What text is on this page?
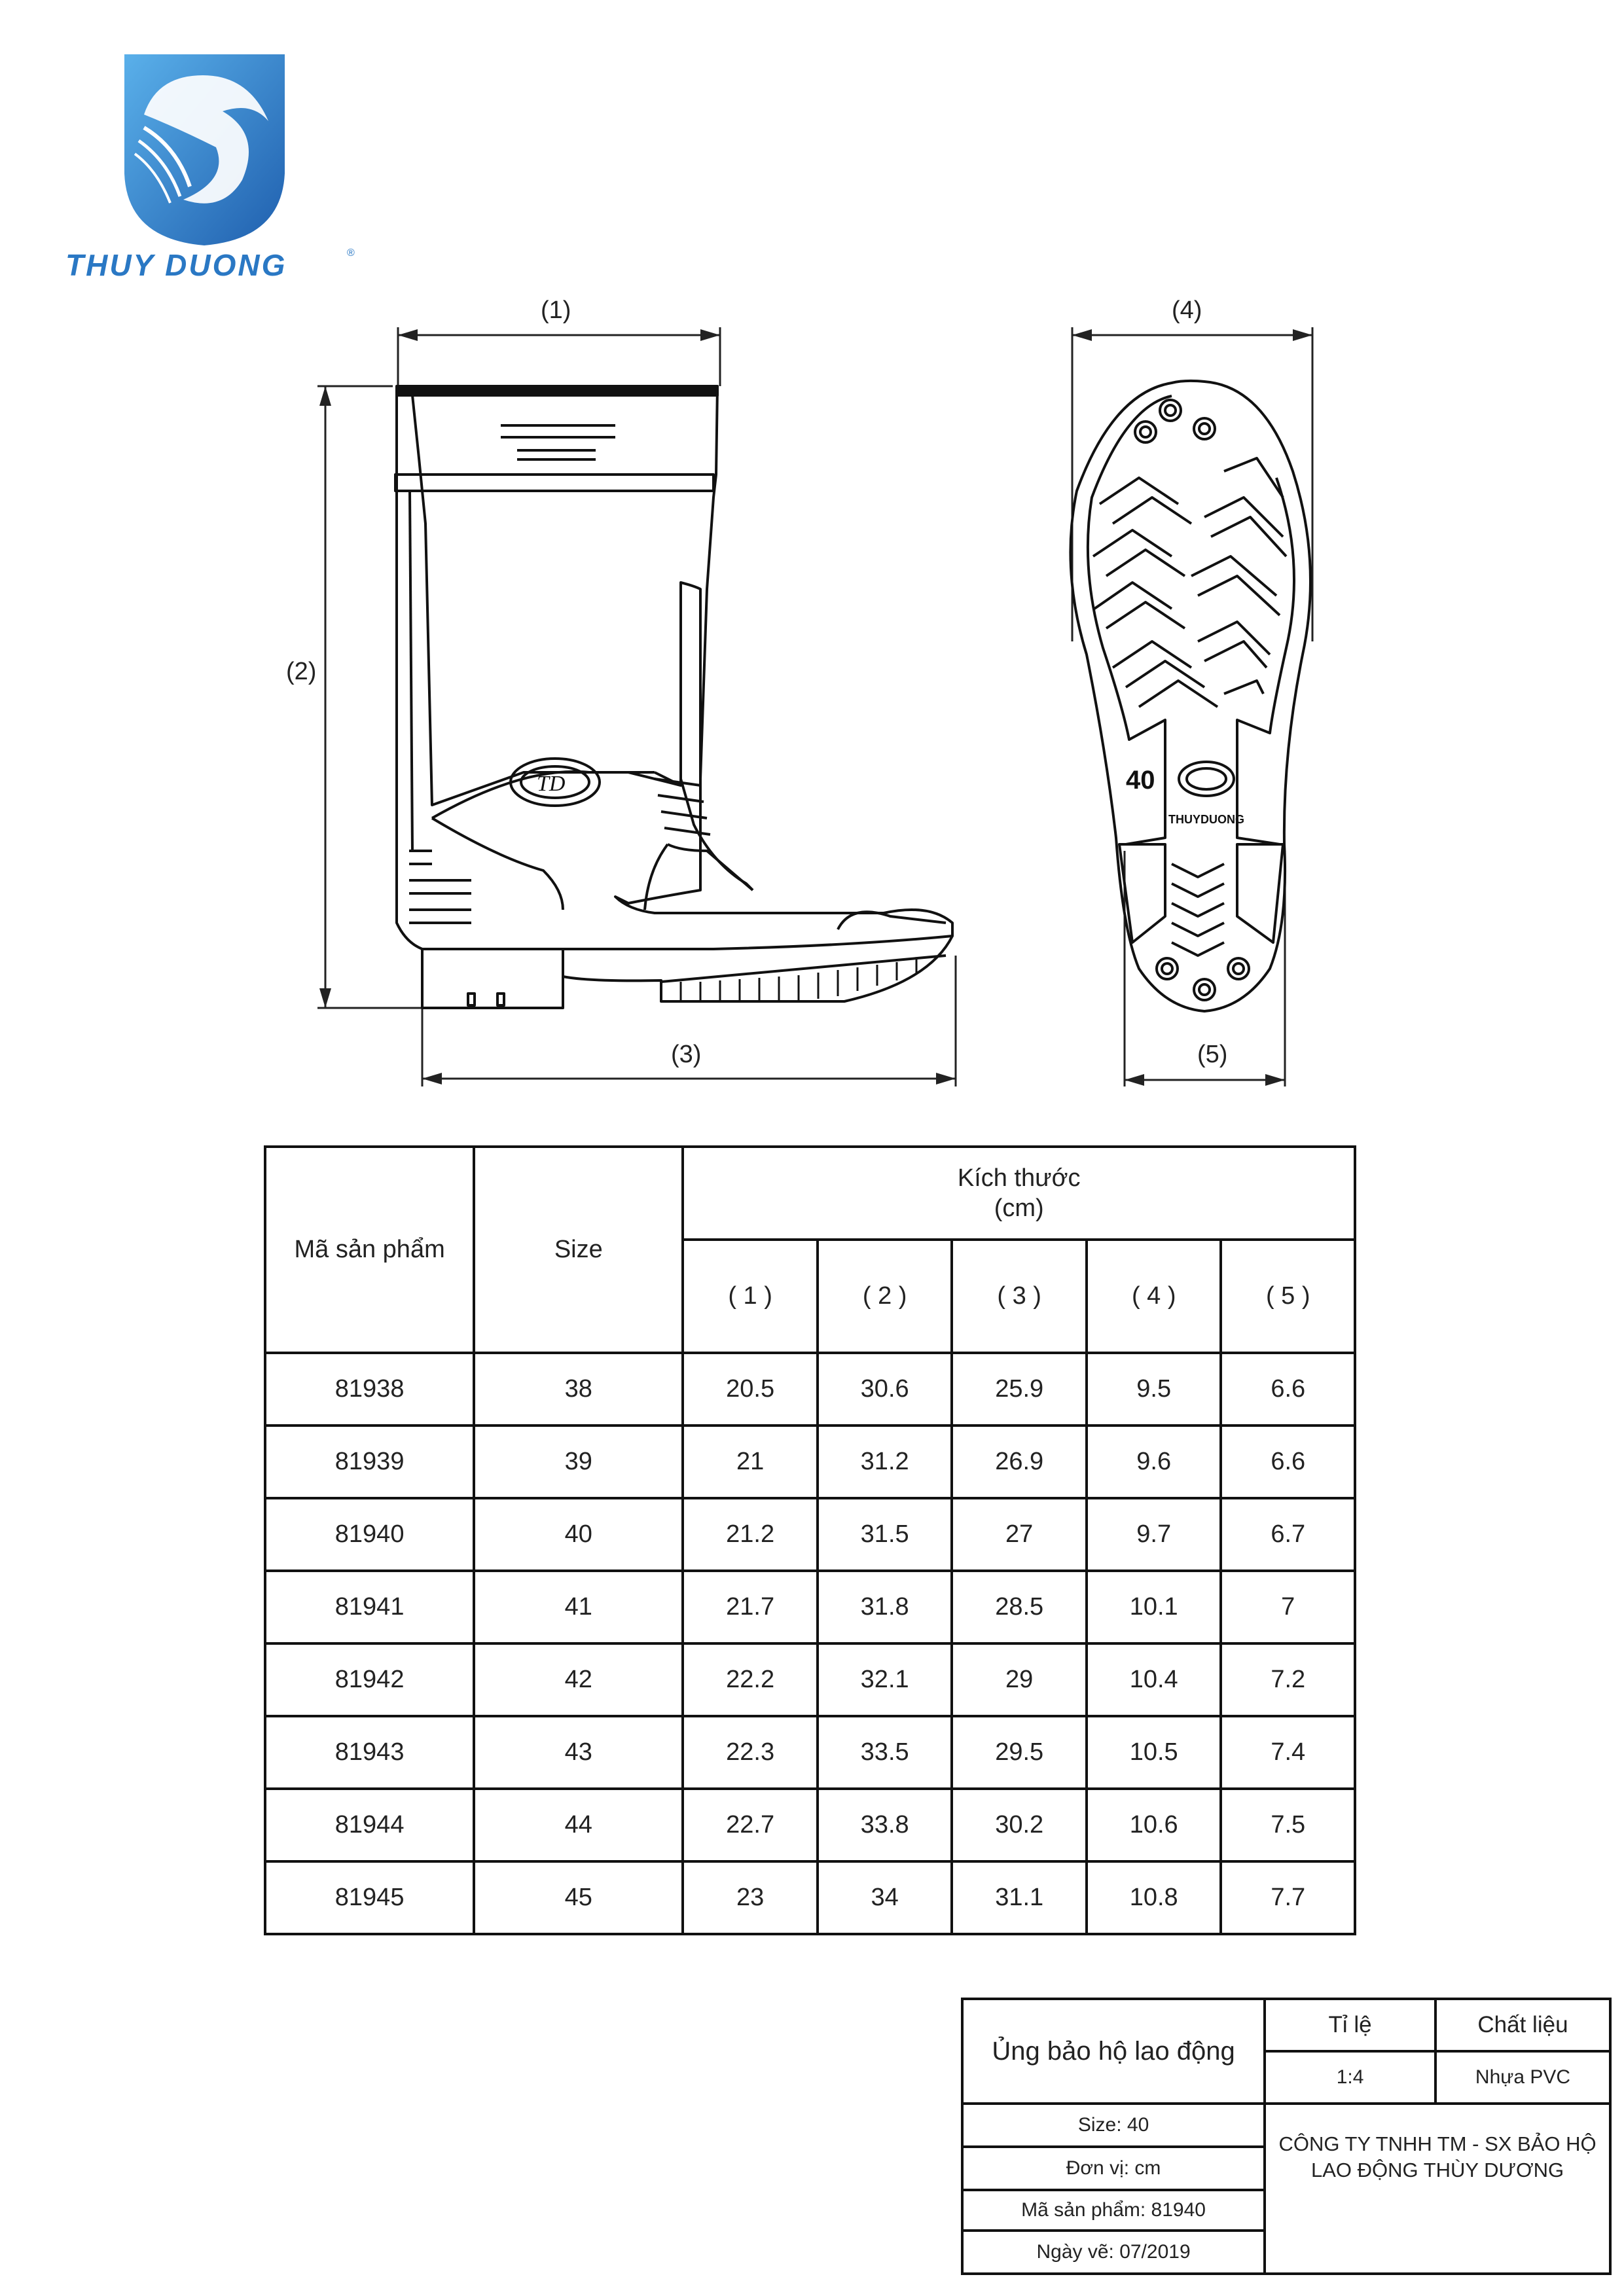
THUY DUONG	®
TD	40
THUYDUONG
(1)
(2)
(3)
(4)
(5)
Mã sản phẩm	Size	Kích thước
(cm)				

		( 1 )	( 2 )	( 3 )	( 4 )	( 5 )
81938	38	20.5	30.6	25.9	9.5	6.6
81939	39	21	31.2	26.9	9.6	6.6
81940	40	21.2	31.5	27	9.7	6.7
81941	41	21.7	31.8	28.5	10.1	7
81942	42	22.2	32.1	29	10.4	7.2
81943	43	22.3	33.5	29.5	10.5	7.4
81944	44	22.7	33.8	30.2	10.6	7.5
81945	45	23	34	31.1	10.8	7.7
Ủng bảo hộ lao động	Tỉ lệ	Chất liệu
	1:4	Nhựa PVC
Size: 40	CÔNG TY TNHH TM - SX BẢO HỘ
LAO ĐỘNG THÙY DƯƠNG	

Đơn vị: cm		
Mã sản phẩm: 81940		
Ngày vẽ: 07/2019		
